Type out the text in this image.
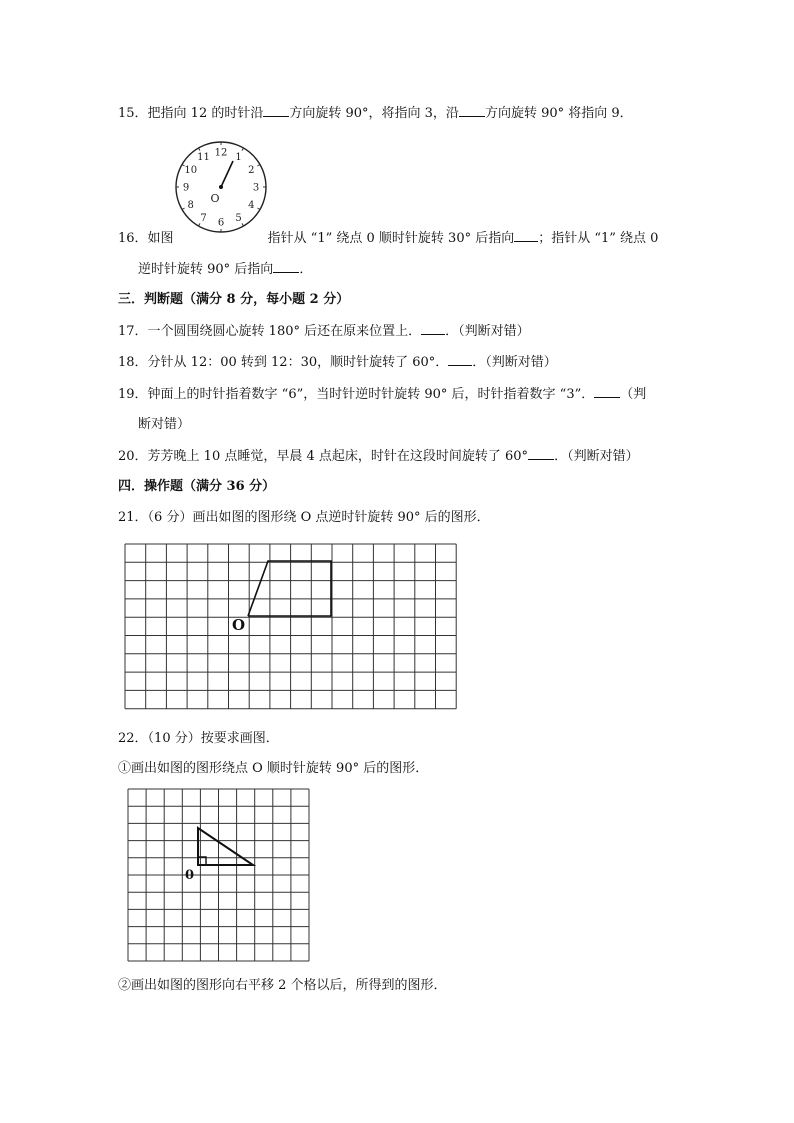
15．把指向 12 的时针沿 方向旋转 90°，将指向 3，沿 方向旋转 90° 将指向 9．
12 1
2
3
4
5
6
7
8
9
10
11
O
16．如图	指针从 “1” 绕点 0 顺时针旋转 30° 后指向 ；指针从 “1” 绕点 0
逆时针旋转 90° 后指向 ．
三．判断题（满分 8 分，每小题 2 分）
17．一个圆围绕圆心旋转 180° 后还在原来位置上． ．（判断对错）
18．分针从 12：00 转到 12：30，顺时针旋转了 60°． ．（判断对错）
19．钟面上的时针指着数字 “6”，当时针逆时针旋转 90° 后，时针指着数字 “3”． （判
断对错）
20．芳芳晚上 10 点睡觉，早晨 4 点起床，时针在这段时间旋转了 60° ．（判断对错）
四．操作题（满分 36 分）
21．（6 分）画出如图的图形绕 O 点逆时针旋转 90° 后的图形．
O
22．（10 分）按要求画图．
①画出如图的图形绕点 O 顺时针旋转 90° 后的图形．
0
②画出如图的图形向右平移 2 个格以后，所得到的图形．
